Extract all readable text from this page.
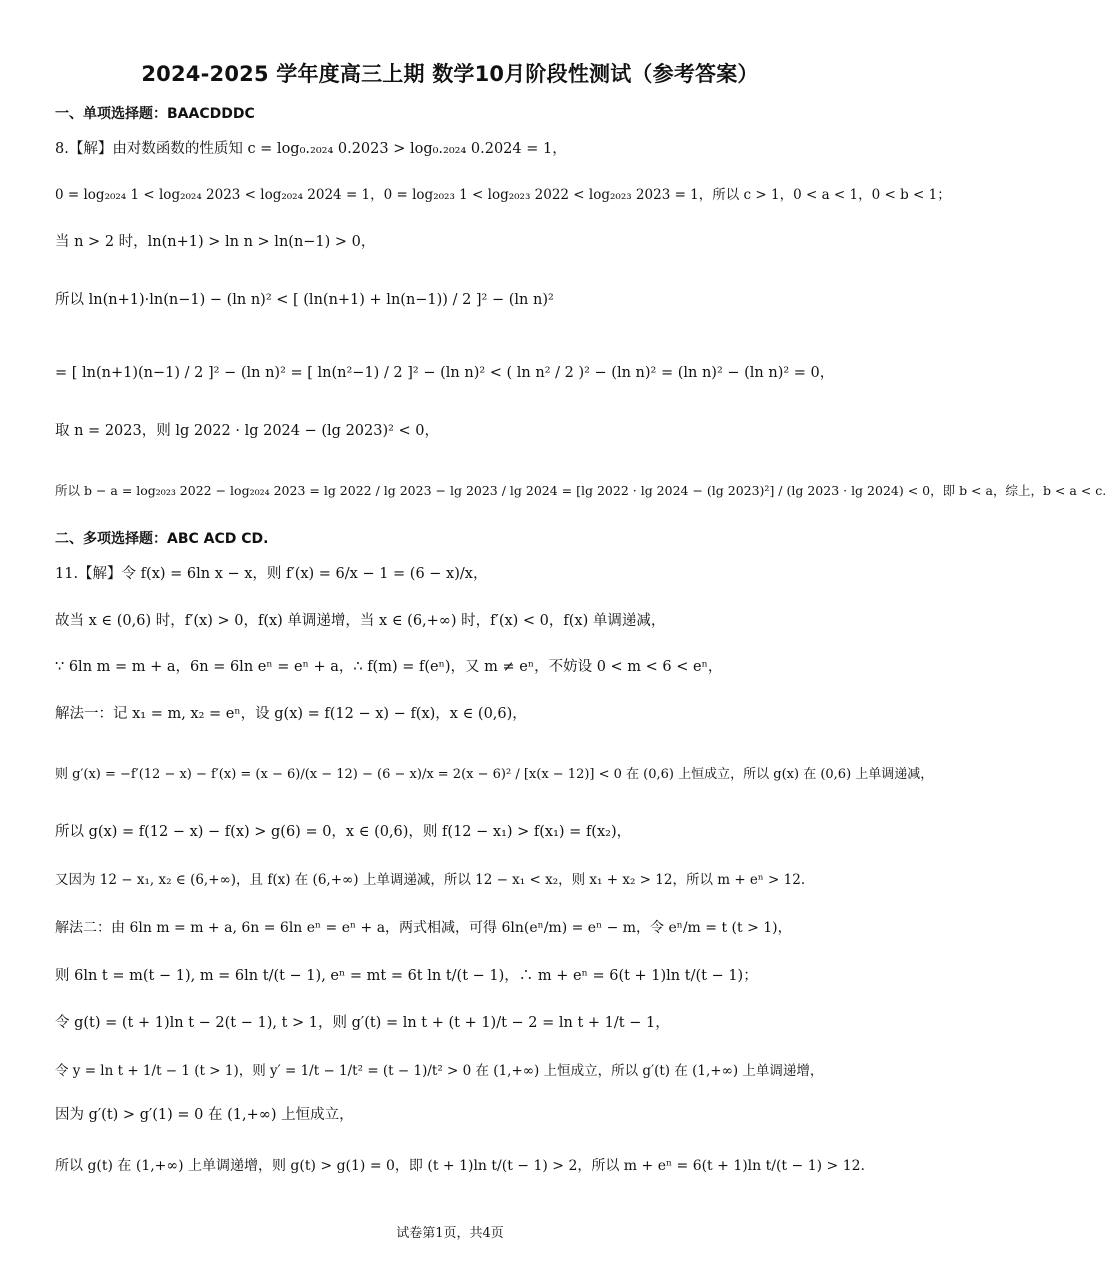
2024-2025 学年度高三上期 数学10月阶段性测试（参考答案）
一、单项选择题：BAACDDDC
8.【解】由对数函数的性质知 c = log₀.₂₀₂₄ 0.2023 > log₀.₂₀₂₄ 0.2024 = 1，
0 = log₂₀₂₄ 1 < log₂₀₂₄ 2023 < log₂₀₂₄ 2024 = 1，0 = log₂₀₂₃ 1 < log₂₀₂₃ 2022 < log₂₀₂₃ 2023 = 1，所以 c > 1，0 < a < 1，0 < b < 1；
当 n > 2 时，ln(n+1) > ln n > ln(n−1) > 0，
所以 ln(n+1)·ln(n−1) − (ln n)² < [ (ln(n+1) + ln(n−1)) / 2 ]² − (ln n)²
= [ ln(n+1)(n−1) / 2 ]² − (ln n)² = [ ln(n²−1) / 2 ]² − (ln n)² < ( ln n² / 2 )² − (ln n)² = (ln n)² − (ln n)² = 0，
取 n = 2023，则 lg 2022 · lg 2024 − (lg 2023)² < 0，
所以 b − a = log₂₀₂₃ 2022 − log₂₀₂₄ 2023 = lg 2022 / lg 2023 − lg 2023 / lg 2024 = [lg 2022 · lg 2024 − (lg 2023)²] / (lg 2023 · lg 2024) < 0，即 b < a，综上，b < a < c.
二、多项选择题：ABC ACD CD.
11.【解】令 f(x) = 6ln x − x，则 f′(x) = 6/x − 1 = (6 − x)/x，
故当 x ∈ (0,6) 时，f′(x) > 0，f(x) 单调递增，当 x ∈ (6,+∞) 时，f′(x) < 0，f(x) 单调递减，
∵ 6ln m = m + a，6n = 6ln eⁿ = eⁿ + a，∴ f(m) = f(eⁿ)，又 m ≠ eⁿ，不妨设 0 < m < 6 < eⁿ，
解法一：记 x₁ = m, x₂ = eⁿ，设 g(x) = f(12 − x) − f(x)，x ∈ (0,6)，
则 g′(x) = −f′(12 − x) − f′(x) = (x − 6)/(x − 12) − (6 − x)/x = 2(x − 6)² / [x(x − 12)] < 0 在 (0,6) 上恒成立，所以 g(x) 在 (0,6) 上单调递减，
所以 g(x) = f(12 − x) − f(x) > g(6) = 0，x ∈ (0,6)，则 f(12 − x₁) > f(x₁) = f(x₂)，
又因为 12 − x₁, x₂ ∈ (6,+∞)，且 f(x) 在 (6,+∞) 上单调递减，所以 12 − x₁ < x₂，则 x₁ + x₂ > 12，所以 m + eⁿ > 12.
解法二：由 6ln m = m + a, 6n = 6ln eⁿ = eⁿ + a，两式相减，可得 6ln(eⁿ/m) = eⁿ − m，令 eⁿ/m = t (t > 1)，
则 6ln t = m(t − 1), m = 6ln t/(t − 1), eⁿ = mt = 6t ln t/(t − 1)，∴ m + eⁿ = 6(t + 1)ln t/(t − 1)；
令 g(t) = (t + 1)ln t − 2(t − 1), t > 1，则 g′(t) = ln t + (t + 1)/t − 2 = ln t + 1/t − 1，
令 y = ln t + 1/t − 1 (t > 1)，则 y′ = 1/t − 1/t² = (t − 1)/t² > 0 在 (1,+∞) 上恒成立，所以 g′(t) 在 (1,+∞) 上单调递增，
因为 g′(t) > g′(1) = 0 在 (1,+∞) 上恒成立，
所以 g(t) 在 (1,+∞) 上单调递增，则 g(t) > g(1) = 0，即 (t + 1)ln t/(t − 1) > 2，所以 m + eⁿ = 6(t + 1)ln t/(t − 1) > 12.
试卷第1页，共4页
